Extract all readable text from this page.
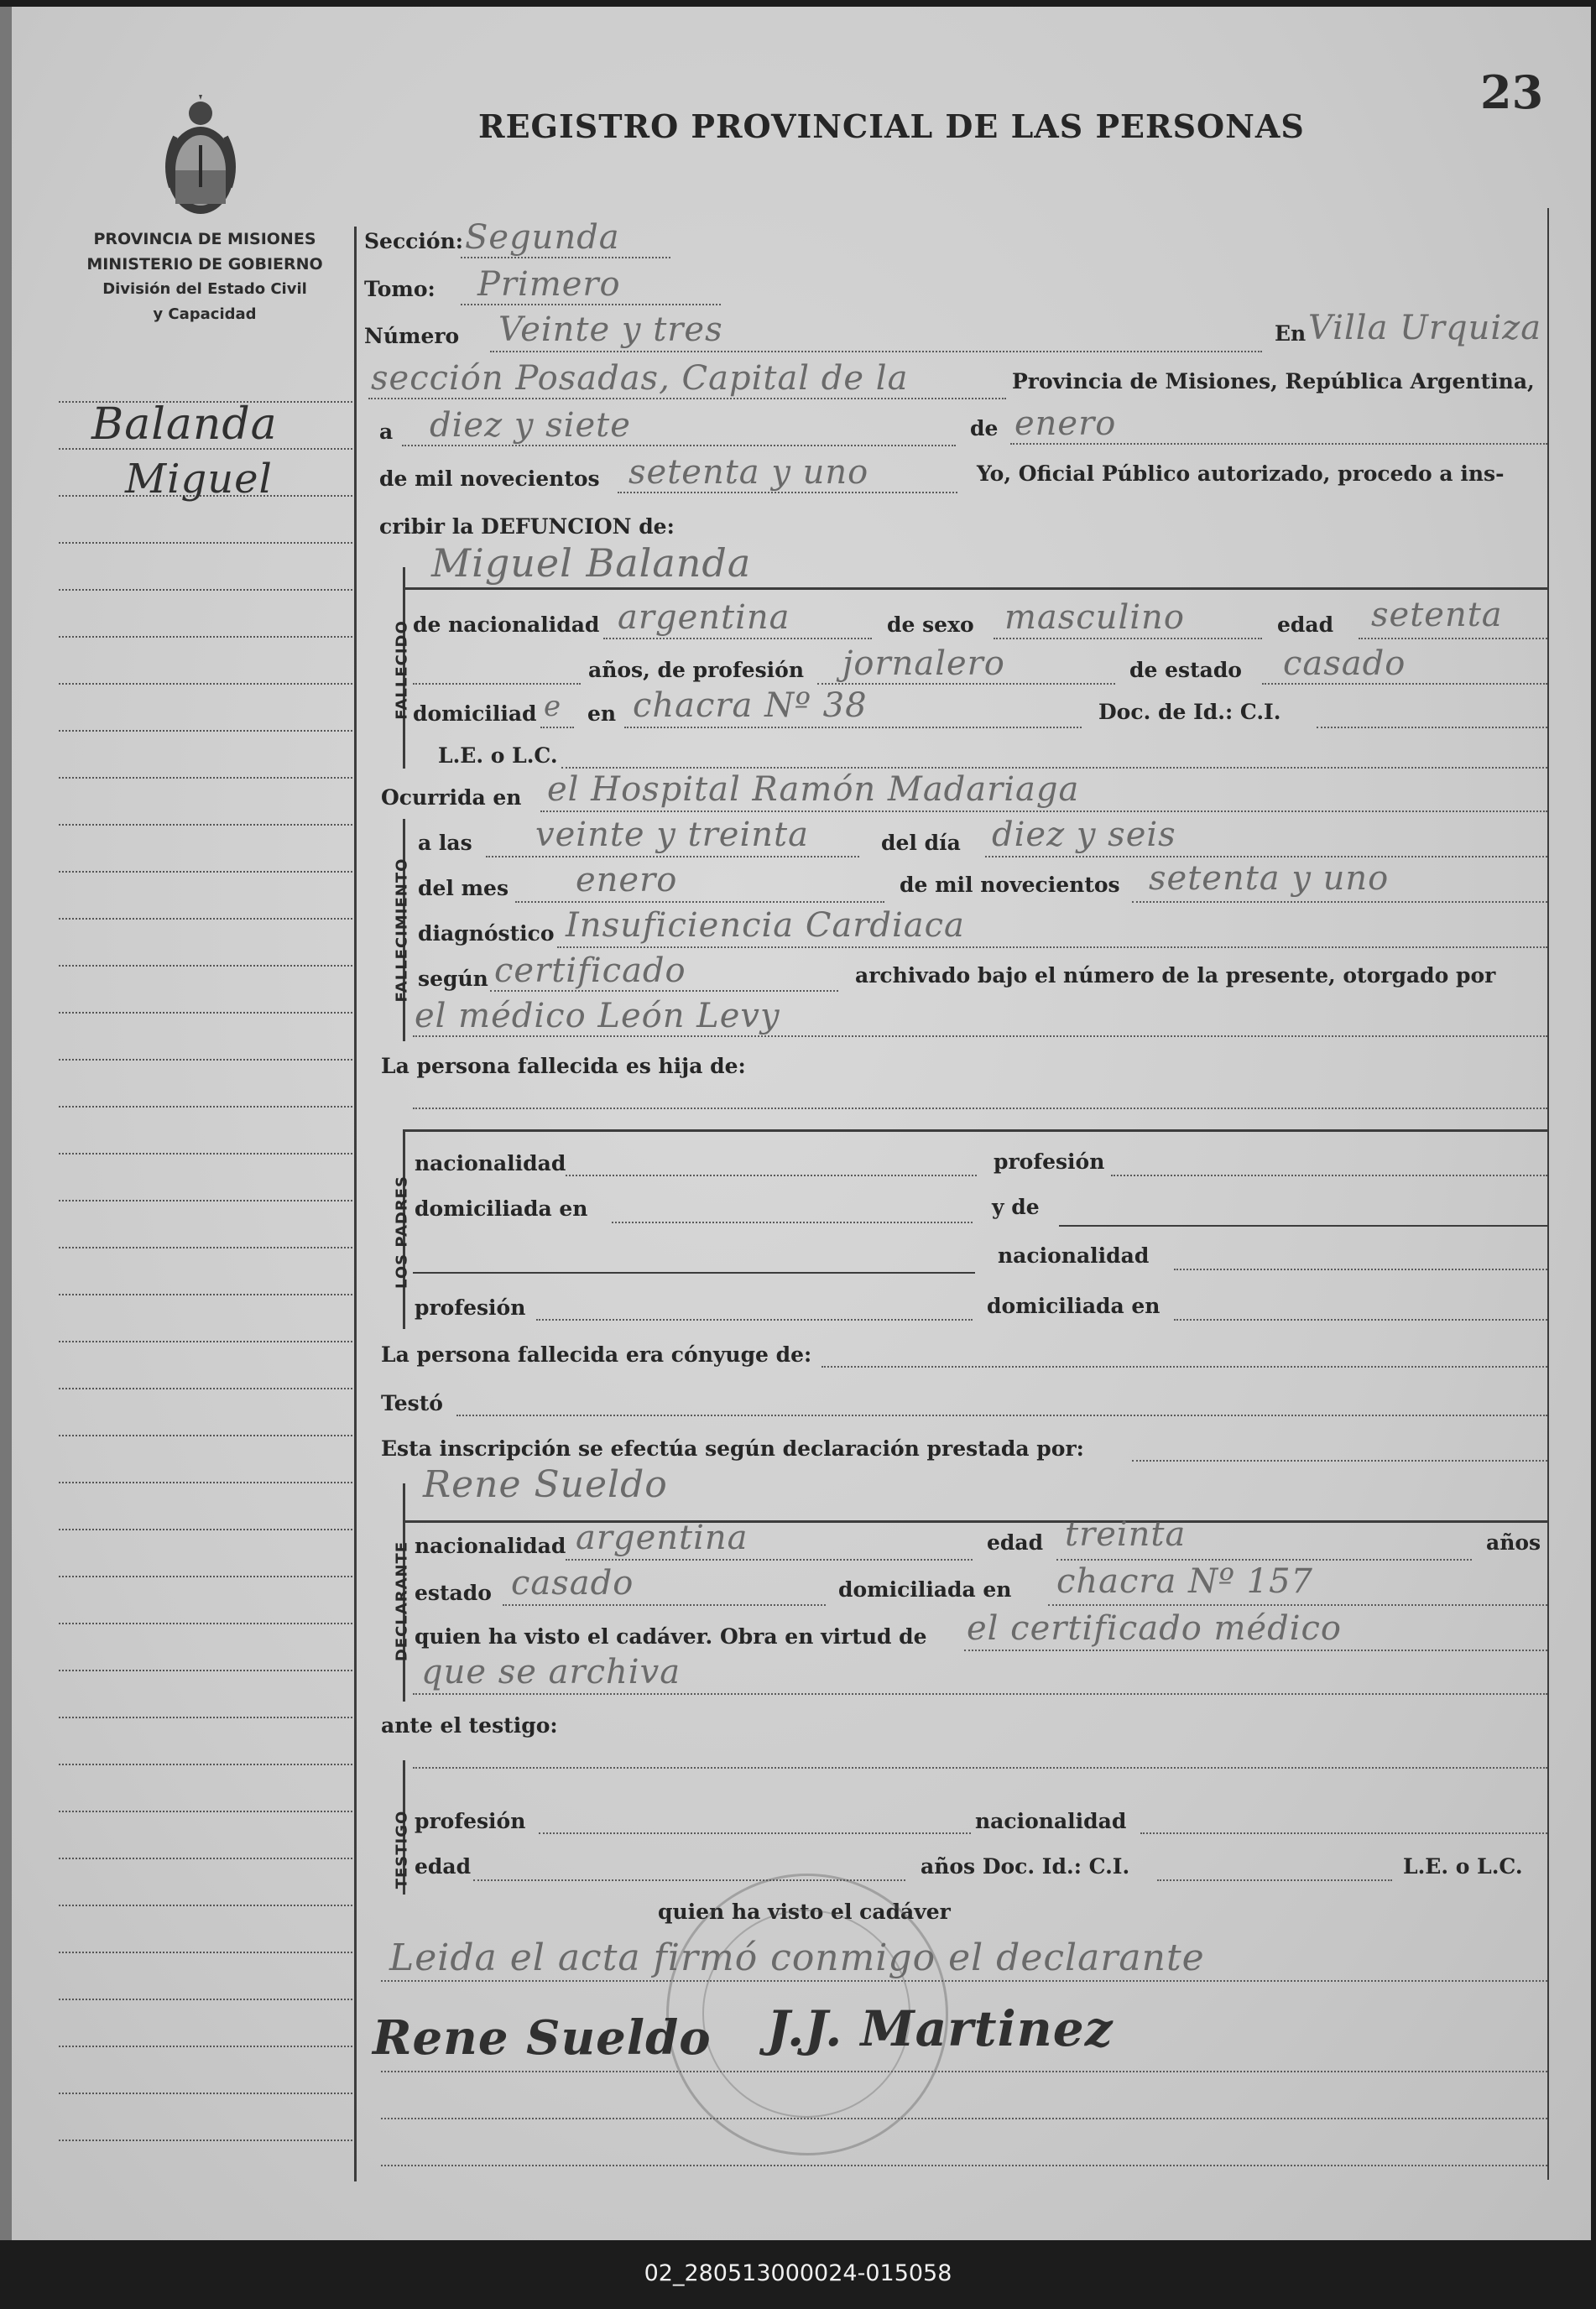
PROVINCIA DE MISIONES
MINISTERIO DE GOBIERNO
División del Estado Civil
y Capacidad
REGISTRO PROVINCIAL DE LAS PERSONAS
23
Balanda
Miguel
Sección: Segunda
Tomo: Primero
Número Veinte y tres	En Villa Urquiza
sección Posadas, Capital de la	Provincia de Misiones, República Argentina,
a diez y siete	de enero
de mil novecientos setenta y uno	Yo, Oficial Público autorizado, procedo a ins-
cribir la DEFUNCION de:
FALLECIDO
Miguel Balanda
de nacionalidad argentina	de sexo masculino	edad setenta
años, de profesión jornalero	de estado casado
domiciliad e en chacra Nº 38	Doc. de Id.: C.I.
L.E. o L.C.
Ocurrida en el Hospital Ramón Madariaga
FALLECIMIENTO
a las veinte y treinta	del día diez y seis
del mes enero	de mil novecientos setenta y uno
diagnóstico Insuficiencia Cardiaca
según certificado	archivado bajo el número de la presente, otorgado por
el médico León Levy
La persona fallecida es hija de:
LOS PADRES
nacionalidad	profesión
domiciliada en	y de
nacionalidad
profesión	domiciliada en
La persona fallecida era cónyuge de:
Testó
Esta inscripción se efectúa según declaración prestada por:
Rene Sueldo
DECLARANTE nacionalidad argentina	edad treinta	años
estado casado	domiciliada en chacra Nº 157
quien ha visto el cadáver. Obra en virtud de el certificado médico
que se archiva
ante el testigo:
TESTIGO profesión	nacionalidad
edad	años Doc. Id.: C.I.	L.E. o L.C.
quien ha visto el cadáver
Leida el acta firmó conmigo el declarante
Rene Sueldo J.J. Martinez
02_280513000024-015058
